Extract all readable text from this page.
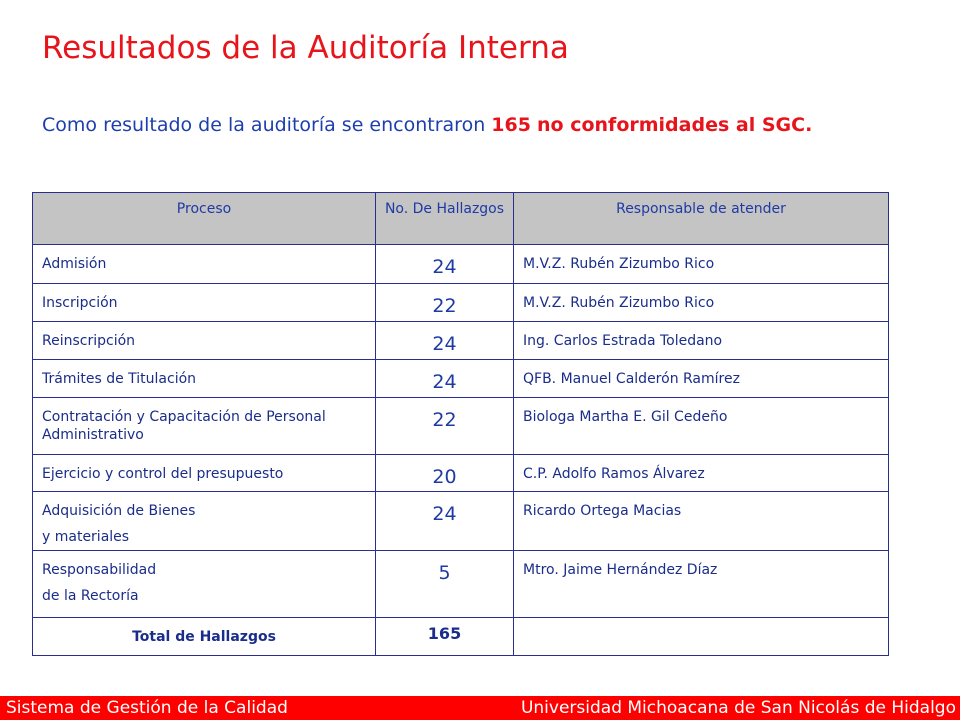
Resultados de la Auditoría Interna

Como resultado de la auditoría se encontraron 165 no conformidades al SGC.

Proceso	No. De Hallazgos	Responsable de atender
Admisión	24	M.V.Z. Rubén Zizumbo Rico
Inscripción	22	M.V.Z. Rubén Zizumbo Rico
Reinscripción	24	Ing. Carlos Estrada Toledano
Trámites de Titulación	24	QFB. Manuel Calderón Ramírez
Contratación y Capacitación de Personal Administrativo	22	Biologa Martha E. Gil Cedeño
Ejercicio y control del presupuesto	20	C.P. Adolfo Ramos Álvarez

Adquisición de Bienes
y materiales	24	Ricardo Ortega Macias

Responsabilidad
de la Rectoría	5	Mtro. Jaime Hernández Díaz
Total de Hallazgos	165	
Sistema de Gestión de la Calidad	Universidad Michoacana de San Nicolás de Hidalgo
